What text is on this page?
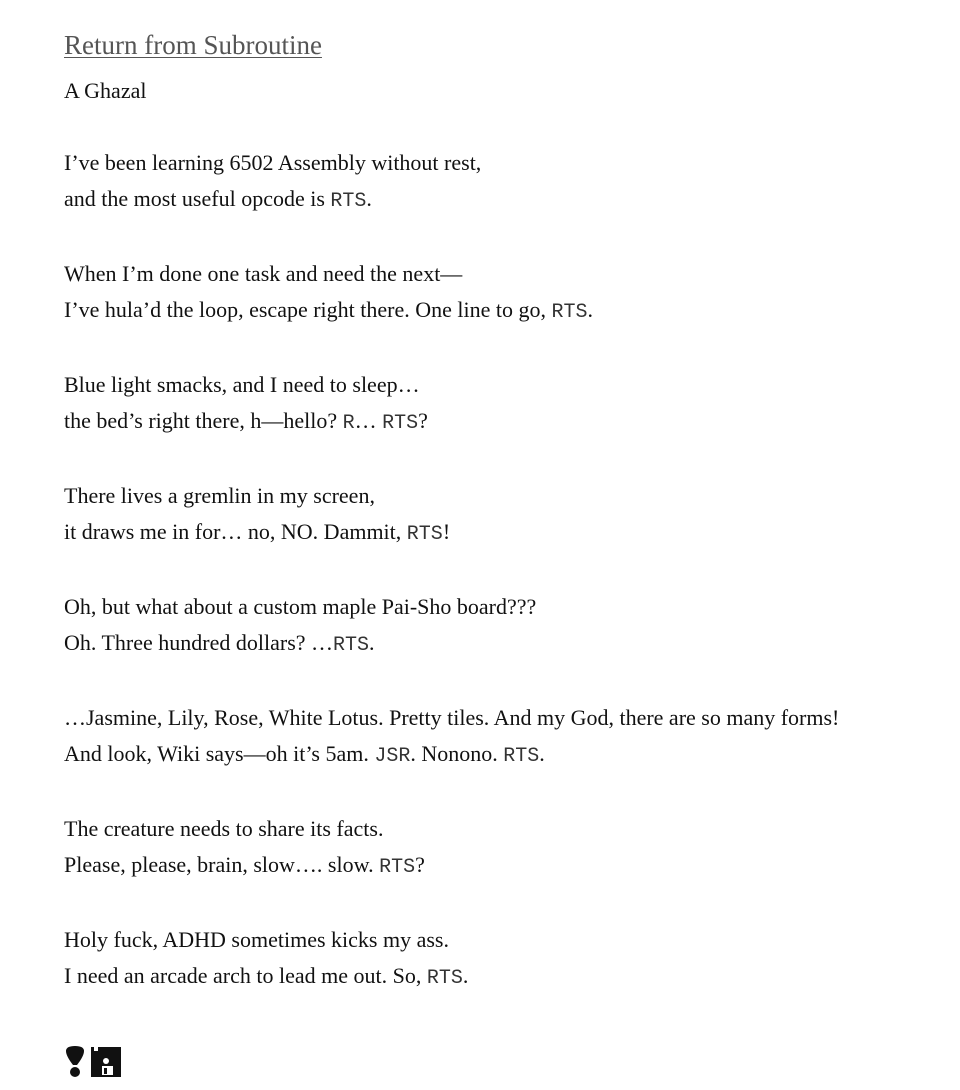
Return from Subroutine
A Ghazal
I’ve been learning 6502 Assembly without rest,
and the most useful opcode is RTS.
When I’m done one task and need the next—
I’ve hula’d the loop, escape right there. One line to go, RTS.
Blue light smacks, and I need to sleep…
the bed’s right there, h—hello? R… RTS?
There lives a gremlin in my screen,
it draws me in for… no, NO. Dammit, RTS!
Oh, but what about a custom maple Pai-Sho board???
Oh. Three hundred dollars? …RTS.
…Jasmine, Lily, Rose, White Lotus. Pretty tiles. And my God, there are so many forms!
And look, Wiki says—oh it’s 5am. JSR. Nonono. RTS.
The creature needs to share its facts.
Please, please, brain, slow…. slow. RTS?
Holy fuck, ADHD sometimes kicks my ass.
I need an arcade arch to lead me out. So, RTS.
